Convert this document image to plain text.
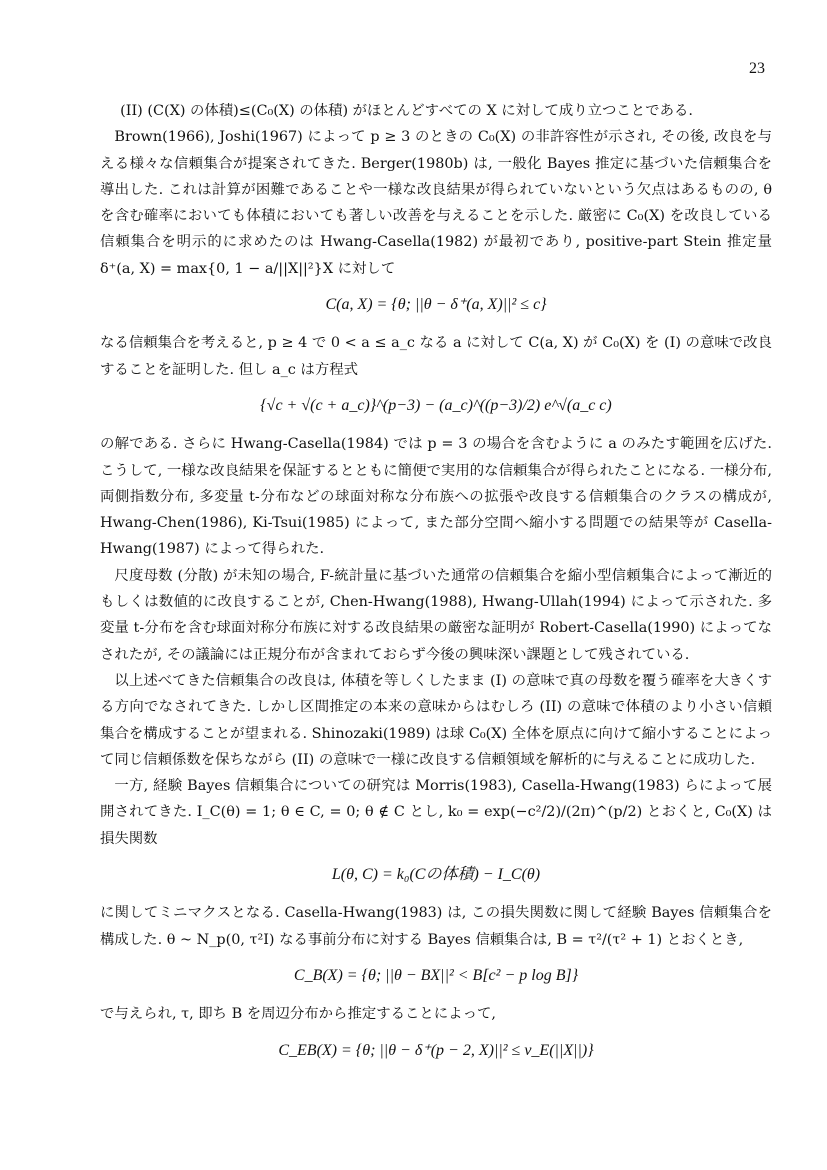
23

(II) (C(X) の体積)≤(C₀(X) の体積) がほとんどすべての X に対して成り立つことである.

Brown(1966), Joshi(1967) によって p ≥ 3 のときの C₀(X) の非許容性が示され, その後, 改良を与える様々な信頼集合が提案されてきた. Berger(1980b) は, 一般化 Bayes 推定に基づいた信頼集合を導出した. これは計算が困難であることや一様な改良結果が得られていないという欠点はあるものの, θを含む確率においても体積においても著しい改善を与えることを示した. 厳密に C₀(X) を改良している信頼集合を明示的に求めたのは Hwang-Casella(1982) が最初であり, positive-part Stein 推定量δ⁺(a, X) = max{0, 1 − a/||X||²}X に対して

C(a, X) = {θ; ||θ − δ⁺(a, X)||² ≤ c}

なる信頼集合を考えると, p ≥ 4 で 0 < a ≤ a_c なる a に対して C(a, X) が C₀(X) を (I) の意味で改良することを証明した. 但し a_c は方程式

{√c + √(c + a_c)}^(p−3) − (a_c)^((p−3)/2) e^√(a_c c)

の解である. さらに Hwang-Casella(1984) では p = 3 の場合を含むように a のみたす範囲を広げた. こうして, 一様な改良結果を保証するとともに簡便で実用的な信頼集合が得られたことになる. 一様分布, 両側指数分布, 多変量 t-分布などの球面対称な分布族への拡張や改良する信頼集合のクラスの構成が, Hwang-Chen(1986), Ki-Tsui(1985) によって, また部分空間へ縮小する問題での結果等が Casella-Hwang(1987) によって得られた.

尺度母数 (分散) が未知の場合, F-統計量に基づいた通常の信頼集合を縮小型信頼集合によって漸近的もしくは数値的に改良することが, Chen-Hwang(1988), Hwang-Ullah(1994) によって示された. 多変量 t-分布を含む球面対称分布族に対する改良結果の厳密な証明が Robert-Casella(1990) によってなされたが, その議論には正規分布が含まれておらず今後の興味深い課題として残されている.

以上述べてきた信頼集合の改良は, 体積を等しくしたまま (I) の意味で真の母数を覆う確率を大きくする方向でなされてきた. しかし区間推定の本来の意味からはむしろ (II) の意味で体積のより小さい信頼集合を構成することが望まれる. Shinozaki(1989) は球 C₀(X) 全体を原点に向けて縮小することによって同じ信頼係数を保ちながら (II) の意味で一様に改良する信頼領域を解析的に与えることに成功した.

一方, 経験 Bayes 信頼集合についての研究は Morris(1983), Casella-Hwang(1983) らによって展開されてきた. I_C(θ) = 1; θ ∈ C, = 0; θ ∉ C とし, k₀ = exp(−c²/2)/(2π)^(p/2) とおくと, C₀(X) は損失関数

L(θ, C) = k₀(Cの体積) − I_C(θ)

に関してミニマクスとなる. Casella-Hwang(1983) は, この損失関数に関して経験 Bayes 信頼集合を構成した. θ ~ N_p(0, τ²I) なる事前分布に対する Bayes 信頼集合は, B = τ²/(τ² + 1) とおくとき,

C_B(X) = {θ; ||θ − BX||² < B[c² − p log B]}

で与えられ, τ, 即ち B を周辺分布から推定することによって,

C_EB(X) = {θ; ||θ − δ⁺(p − 2, X)||² ≤ v_E(||X||)}
